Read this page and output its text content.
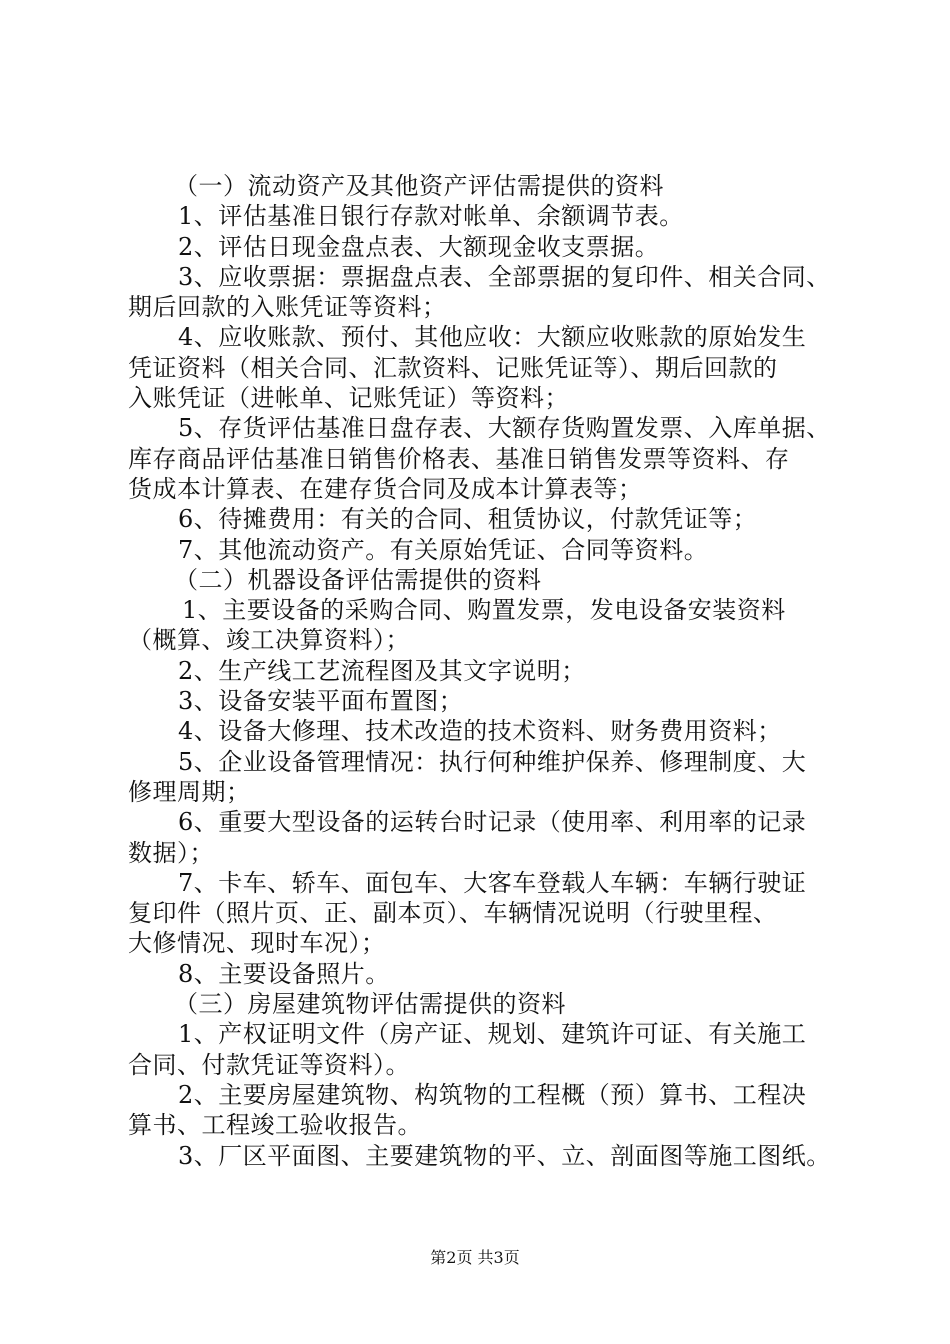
（一）流动资产及其他资产评估需提供的资料
1、评估基准日银行存款对帐单、余额调节表。
2、评估日现金盘点表、大额现金收支票据。
3、应收票据：票据盘点表、全部票据的复印件、相关合同、
期后回款的入账凭证等资料；
4、应收账款、预付、其他应收：大额应收账款的原始发生
凭证资料（相关合同、汇款资料、记账凭证等）、期后回款的
入账凭证（进帐单、记账凭证）等资料；
5、存货评估基准日盘存表、大额存货购置发票、入库单据、
库存商品评估基准日销售价格表、基准日销售发票等资料、存
货成本计算表、在建存货合同及成本计算表等；
6、待摊费用：有关的合同、租赁协议，付款凭证等；
7、其他流动资产。有关原始凭证、合同等资料。
（二）机器设备评估需提供的资料
1、主要设备的采购合同、购置发票，发电设备安装资料
（概算、竣工决算资料）；
2、生产线工艺流程图及其文字说明；
3、设备安装平面布置图；
4、设备大修理、技术改造的技术资料、财务费用资料；
5、企业设备管理情况：执行何种维护保养、修理制度、大
修理周期；
6、重要大型设备的运转台时记录（使用率、利用率的记录
数据）；
7、卡车、轿车、面包车、大客车登载人车辆：车辆行驶证
复印件（照片页、正、副本页）、车辆情况说明（行驶里程、
大修情况、现时车况）；
8、主要设备照片。
（三）房屋建筑物评估需提供的资料
1、产权证明文件（房产证、规划、建筑许可证、有关施工
合同、付款凭证等资料）。
2、主要房屋建筑物、构筑物的工程概（预）算书、工程决
算书、工程竣工验收报告。
3、厂区平面图、主要建筑物的平、立、剖面图等施工图纸。
第2页 共3页
